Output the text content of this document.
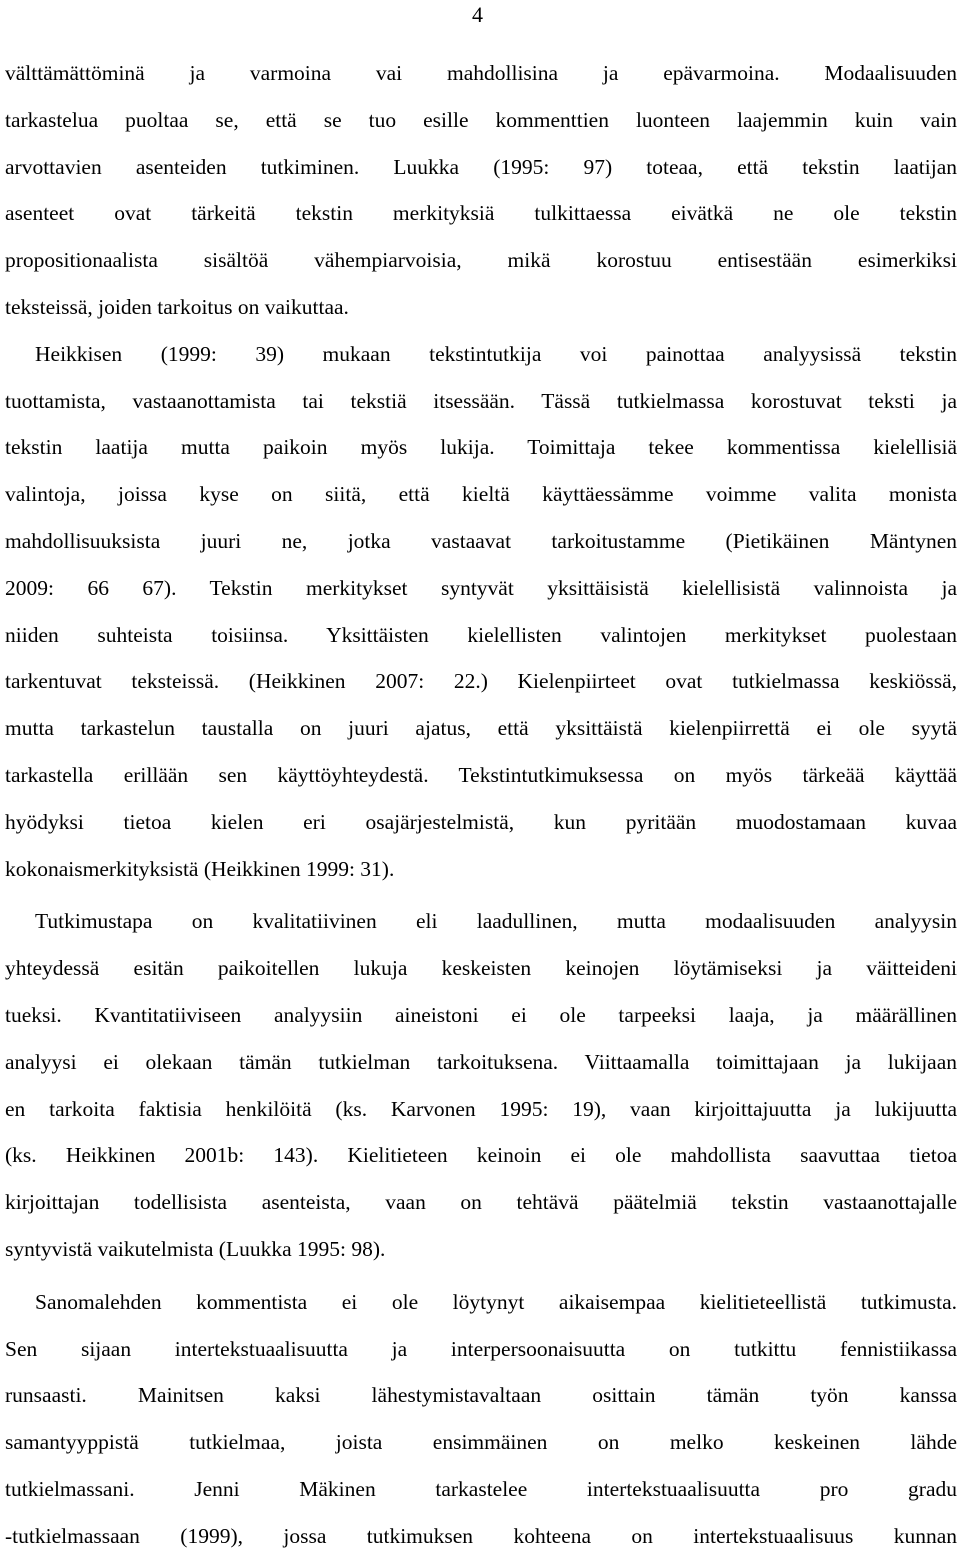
4
välttämättöminä ja varmoina vai mahdollisina ja epävarmoina. Modaalisuuden
tarkastelua puoltaa se, että se tuo esille kommenttien luonteen laajemmin kuin vain
arvottavien asenteiden tutkiminen. Luukka (1995: 97) toteaa, että tekstin laatijan
asenteet ovat tärkeitä tekstin merkityksiä tulkittaessa eivätkä ne ole tekstin
propositionaalista sisältöä vähempiarvoisia, mikä korostuu entisestään esimerkiksi
teksteissä, joiden tarkoitus on vaikuttaa.
Heikkisen (1999: 39) mukaan tekstintutkija voi painottaa analyysissä tekstin
tuottamista, vastaanottamista tai tekstiä itsessään. Tässä tutkielmassa korostuvat teksti ja
tekstin laatija mutta paikoin myös lukija. Toimittaja tekee kommentissa kielellisiä
valintoja, joissa kyse on siitä, että kieltä käyttäessämme voimme valita monista
mahdollisuuksista juuri ne, jotka vastaavat tarkoitustamme (Pietikäinen Mäntynen
2009: 66 67). Tekstin merkitykset syntyvät yksittäisistä kielellisistä valinnoista ja
niiden suhteista toisiinsa. Yksittäisten kielellisten valintojen merkitykset puolestaan
tarkentuvat teksteissä. (Heikkinen 2007: 22.) Kielenpiirteet ovat tutkielmassa keskiössä,
mutta tarkastelun taustalla on juuri ajatus, että yksittäistä kielenpiirrettä ei ole syytä
tarkastella erillään sen käyttöyhteydestä. Tekstintutkimuksessa on myös tärkeää käyttää
hyödyksi tietoa kielen eri osajärjestelmistä, kun pyritään muodostamaan kuvaa
kokonaismerkityksistä (Heikkinen 1999: 31).
Tutkimustapa on kvalitatiivinen eli laadullinen, mutta modaalisuuden analyysin
yhteydessä esitän paikoitellen lukuja keskeisten keinojen löytämiseksi ja väitteideni
tueksi. Kvantitatiiviseen analyysiin aineistoni ei ole tarpeeksi laaja, ja määrällinen
analyysi ei olekaan tämän tutkielman tarkoituksena. Viittaamalla toimittajaan ja lukijaan
en tarkoita faktisia henkilöitä (ks. Karvonen 1995: 19), vaan kirjoittajuutta ja lukijuutta
(ks. Heikkinen 2001b: 143). Kielitieteen keinoin ei ole mahdollista saavuttaa tietoa
kirjoittajan todellisista asenteista, vaan on tehtävä päätelmiä tekstin vastaanottajalle
syntyvistä vaikutelmista (Luukka 1995: 98).
Sanomalehden kommentista ei ole löytynyt aikaisempaa kielitieteellistä tutkimusta.
Sen sijaan intertekstuaalisuutta ja interpersoonaisuutta on tutkittu fennistiikassa
runsaasti. Mainitsen kaksi lähestymistavaltaan osittain tämän työn kanssa
samantyyppistä tutkielmaa, joista ensimmäinen on melko keskeinen lähde
tutkielmassani. Jenni Mäkinen tarkastelee intertekstuaalisuutta pro gradu
-tutkielmassaan (1999), jossa tutkimuksen kohteena on intertekstuaalisuus kunnan
